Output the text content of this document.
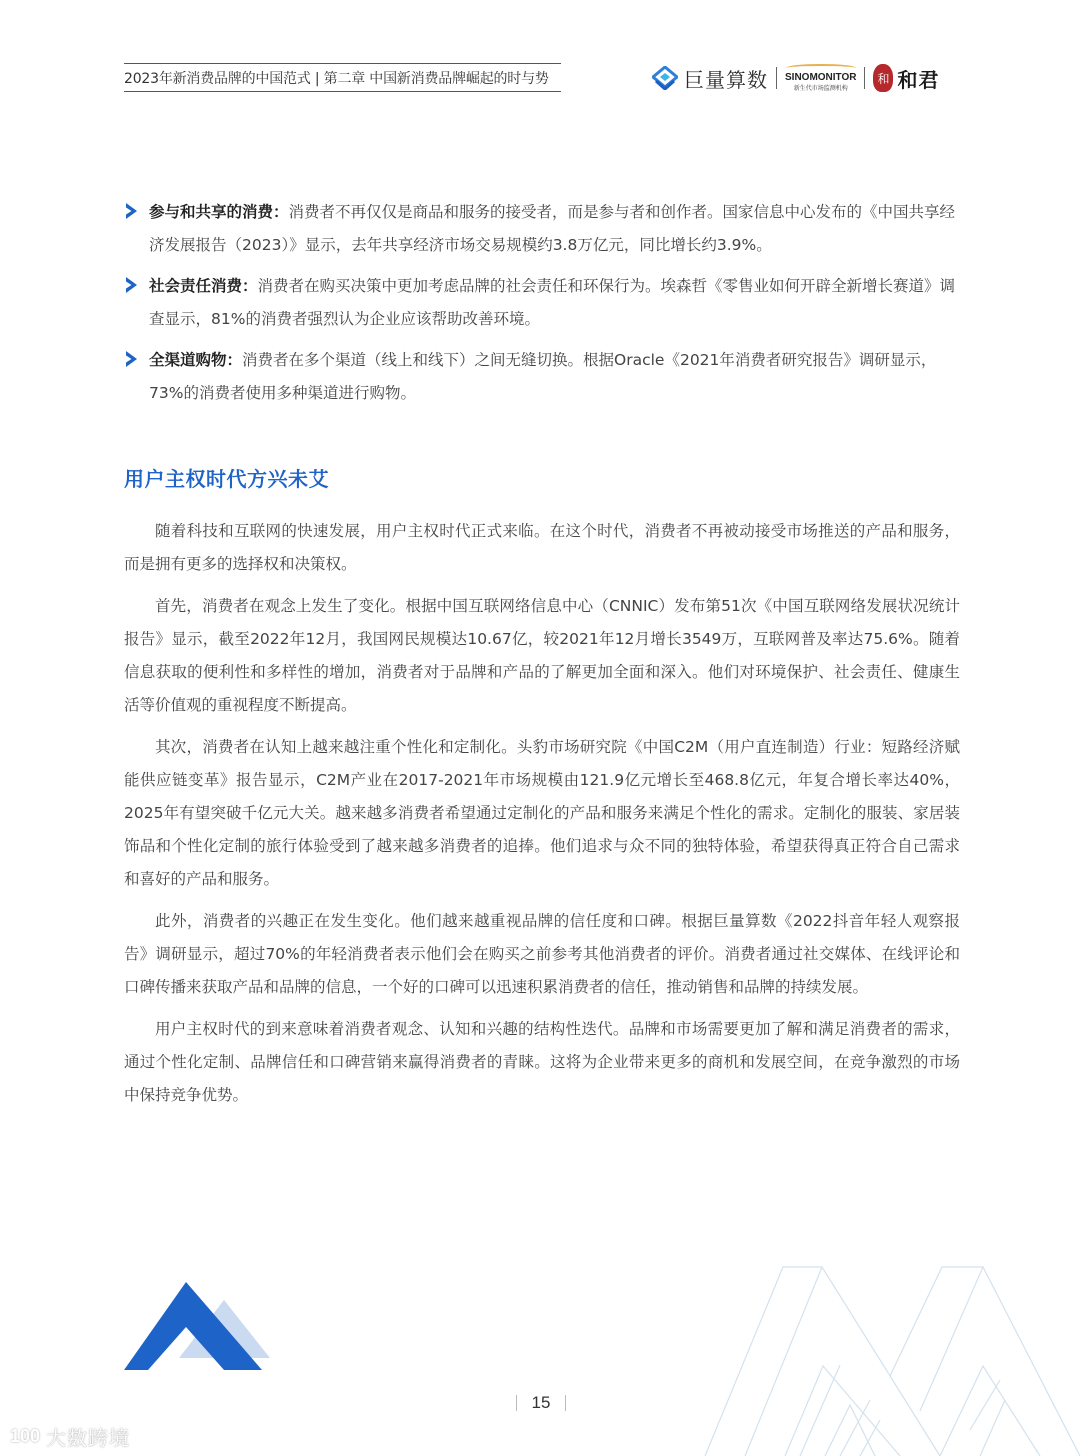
2023年新消费品牌的中国范式 | 第二章 中国新消费品牌崛起的时与势	巨量算数 SINOMONITOR
新生代市场监测机构
和 和君

参与和共享的消费：消费者不再仅仅是商品和服务的接受者，而是参与者和创作者。国家信息中心发布的《中国共享经济发展报告（2023）》显示，去年共享经济市场交易规模约3.8万亿元，同比增长约3.9%。

社会责任消费：消费者在购买决策中更加考虑品牌的社会责任和环保行为。埃森哲《零售业如何开辟全新增长赛道》调查显示，81%的消费者强烈认为企业应该帮助改善环境。

全渠道购物：消费者在多个渠道（线上和线下）之间无缝切换。根据Oracle《2021年消费者研究报告》调研显示，73%的消费者使用多种渠道进行购物。

用户主权时代方兴未艾

随着科技和互联网的快速发展，用户主权时代正式来临。在这个时代，消费者不再被动接受市场推送的产品和服务，而是拥有更多的选择权和决策权。

首先，消费者在观念上发生了变化。根据中国互联网络信息中心（CNNIC）发布第51次《中国互联网络发展状况统计报告》显示，截至2022年12月，我国网民规模达10.67亿，较2021年12月增长3549万，互联网普及率达75.6%。随着信息获取的便利性和多样性的增加，消费者对于品牌和产品的了解更加全面和深入。他们对环境保护、社会责任、健康生活等价值观的重视程度不断提高。

其次，消费者在认知上越来越注重个性化和定制化。头豹市场研究院《中国C2M（用户直连制造）行业：短路经济赋能供应链变革》报告显示，C2M产业在2017-2021年市场规模由121.9亿元增长至468.8亿元，年复合增长率达40%，2025年有望突破千亿元大关。越来越多消费者希望通过定制化的产品和服务来满足个性化的需求。定制化的服装、家居装饰品和个性化定制的旅行体验受到了越来越多消费者的追捧。他们追求与众不同的独特体验，希望获得真正符合自己需求和喜好的产品和服务。

此外，消费者的兴趣正在发生变化。他们越来越重视品牌的信任度和口碑。根据巨量算数《2022抖音年轻人观察报告》调研显示，超过70%的年轻消费者表示他们会在购买之前参考其他消费者的评价。消费者通过社交媒体、在线评论和口碑传播来获取产品和品牌的信息，一个好的口碑可以迅速积累消费者的信任，推动销售和品牌的持续发展。

用户主权时代的到来意味着消费者观念、认知和兴趣的结构性迭代。品牌和市场需要更加了解和满足消费者的需求，通过个性化定制、品牌信任和口碑营销来赢得消费者的青睐。这将为企业带来更多的商机和发展空间，在竞争激烈的市场中保持竞争优势。

15
100 大数跨境
